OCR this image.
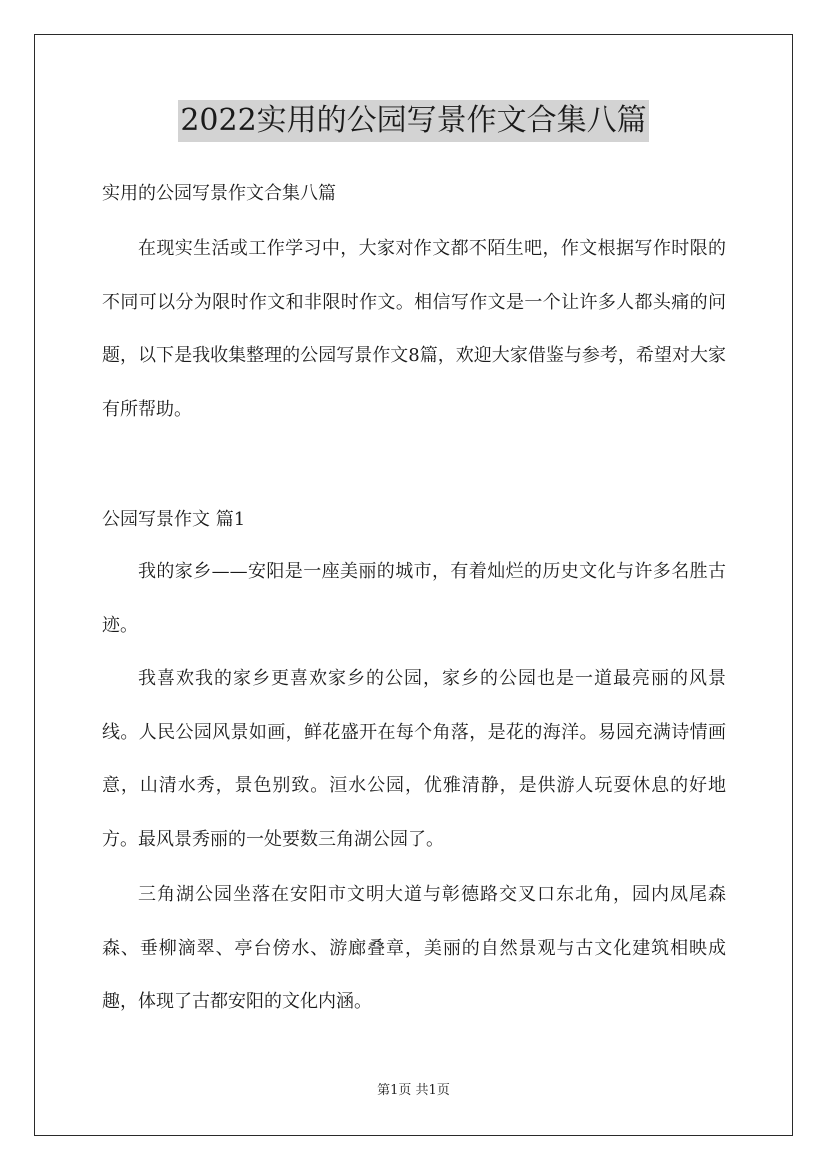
2022实用的公园写景作文合集八篇

实用的公园写景作文合集八篇

在现实生活或工作学习中，大家对作文都不陌生吧，作文根据写作时限的不同可以分为限时作文和非限时作文。相信写作文是一个让许多人都头痛的问题，以下是我收集整理的公园写景作文8篇，欢迎大家借鉴与参考，希望对大家有所帮助。

公园写景作文 篇1

我的家乡——安阳是一座美丽的城市，有着灿烂的历史文化与许多名胜古迹。

我喜欢我的家乡更喜欢家乡的公园，家乡的公园也是一道最亮丽的风景线。人民公园风景如画，鲜花盛开在每个角落，是花的海洋。易园充满诗情画意，山清水秀，景色别致。洹水公园，优雅清静，是供游人玩耍休息的好地方。最风景秀丽的一处要数三角湖公园了。

三角湖公园坐落在安阳市文明大道与彰德路交叉口东北角，园内凤尾森森、垂柳滴翠、亭台傍水、游廊叠章，美丽的自然景观与古文化建筑相映成趣，体现了古都安阳的文化内涵。

第1页 共1页
